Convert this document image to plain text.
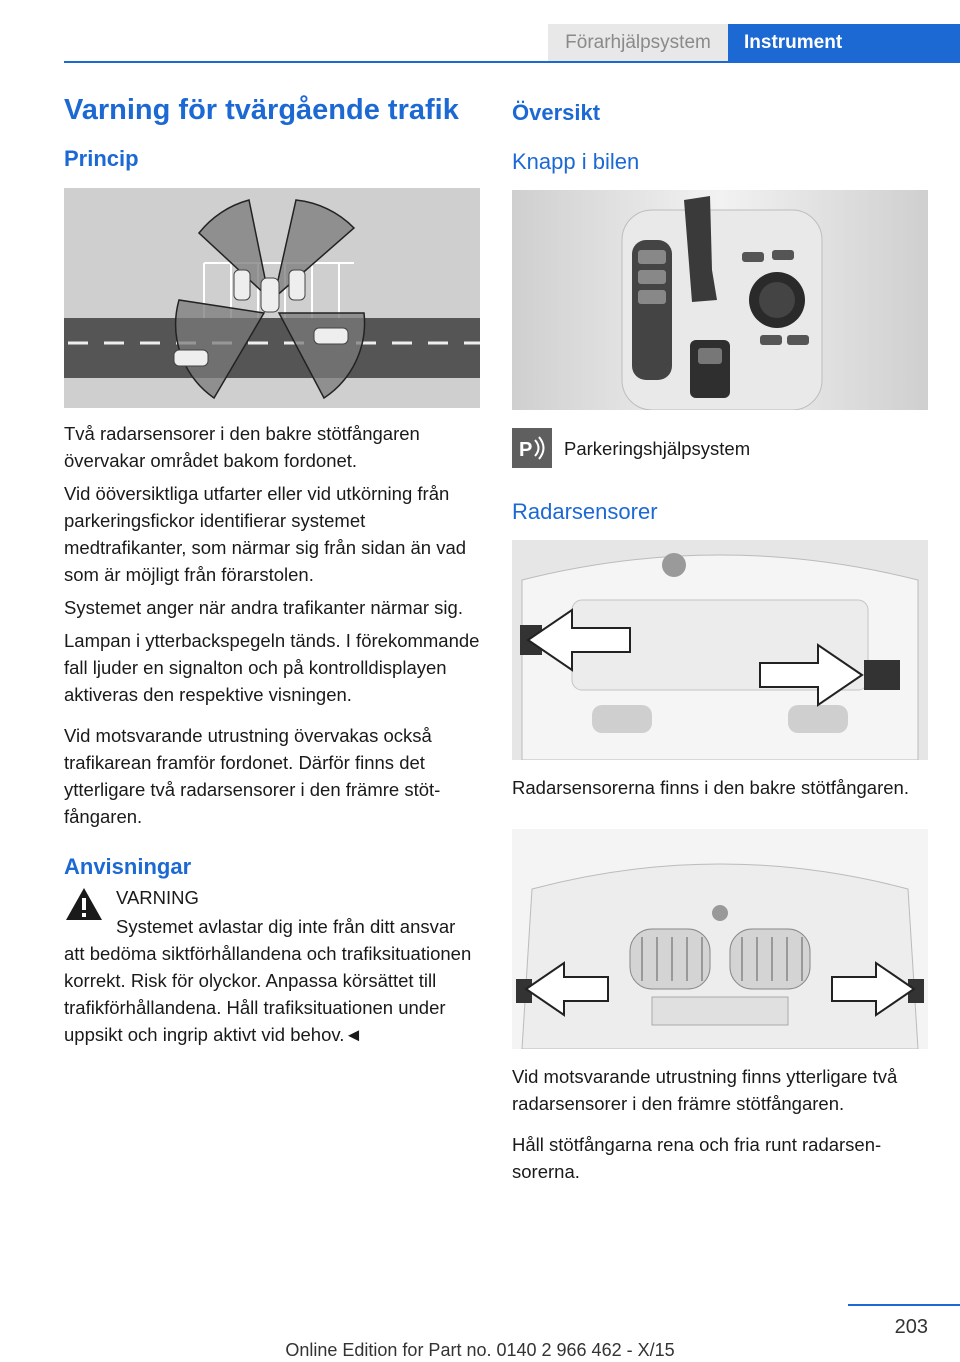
Förarhjälpsystem	Instrument
Varning för tvärgående trafik
Princip

Två radarsensorer i den bakre stötfångaren övervakar området bakom fordonet.

Vid ööversiktliga utfarter eller vid utkörning från parkeringsfickor identifierar systemet medtrafikanter, som närmar sig från sidan än vad som är möjligt från förarstolen.

Systemet anger när andra trafikanter närmar sig.

Lampan i ytterbackspegeln tänds. I förekommande fall ljuder en signalton och på kontrolldisplayen aktiveras den respektive visningen.

Vid motsvarande utrustning övervakas också trafikarean framför fordonet. Därför finns det ytterligare två radarsensorer i den främre stötfångaren.

Anvisningar

VARNING

Systemet avlastar dig inte från ditt ansvar att bedöma siktförhållandena och trafiksituationen korrekt. Risk för olyckor. Anpassa körsättet till trafikförhållandena. Håll trafiksituationen under uppsikt och ingrip aktivt vid behov.◄

Översikt
Knapp i bilen
P Parkeringshjälpsystem

Radarsensorer

Radarsensorerna finns i den bakre stötfångaren.

Vid motsvarande utrustning finns ytterligare två radarsensorer i den främre stötfångaren.

Håll stötfångarna rena och fria runt radarsensorerna.

203
Online Edition for Part no. 0140 2 966 462 - X/15
